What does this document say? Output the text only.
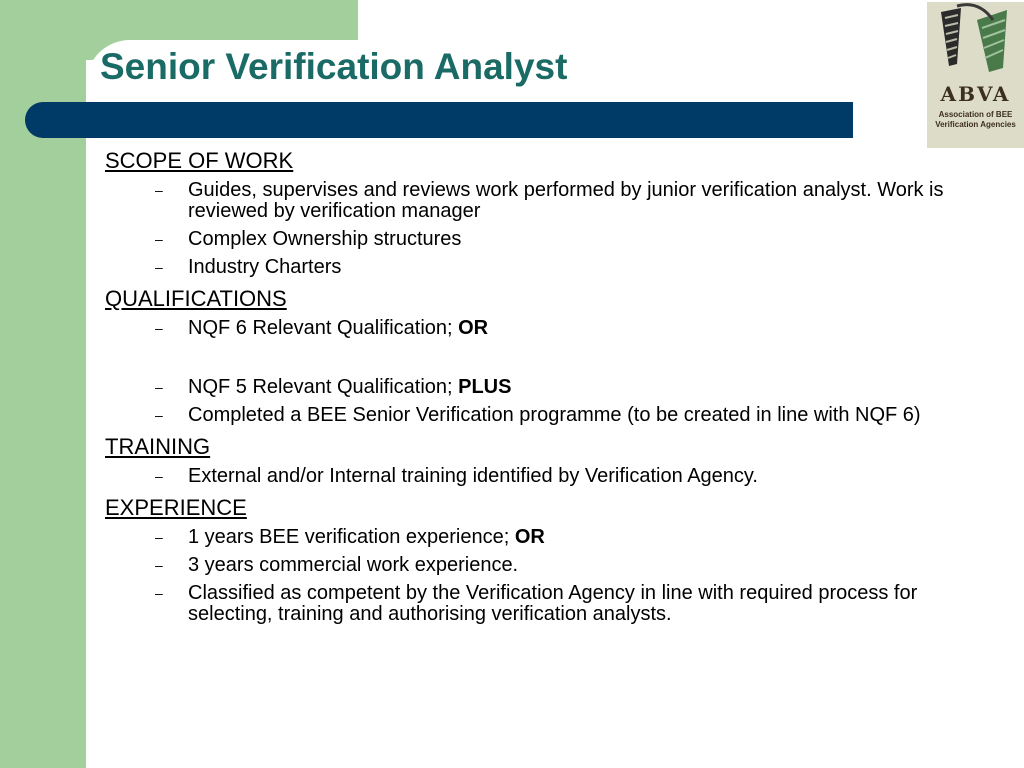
Senior Verification Analyst
ABVA
Association of BEE
Verification Agencies
SCOPE OF WORK
– Guides, supervises and reviews work performed by junior verification analyst. Work is reviewed by verification manager
– Complex Ownership structures
– Industry Charters
QUALIFICATIONS
– NQF 6 Relevant Qualification; OR
– NQF 5 Relevant Qualification; PLUS
– Completed a BEE Senior Verification programme (to be created in line with NQF 6)
TRAINING
– External and/or Internal training identified by Verification Agency.
EXPERIENCE
– 1 years BEE verification experience; OR
– 3 years commercial work experience.
– Classified as competent by the Verification Agency in line with required process for selecting, training and authorising verification analysts.
